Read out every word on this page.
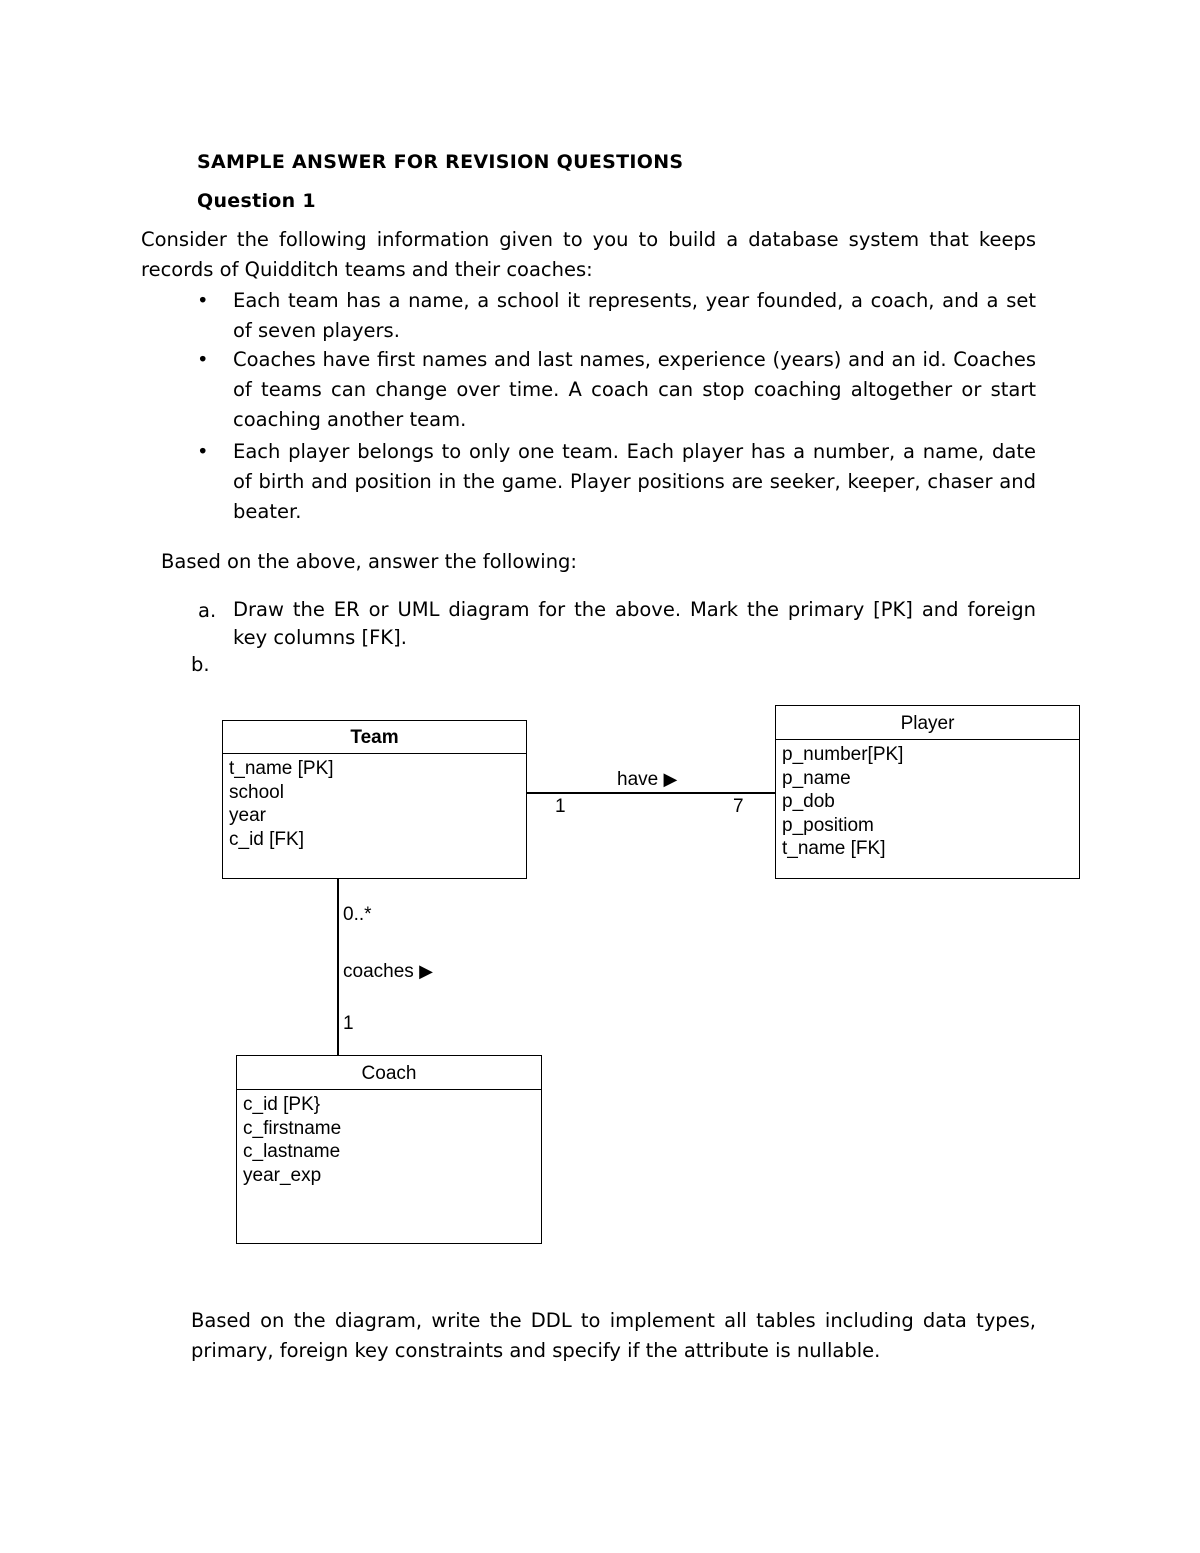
SAMPLE ANSWER FOR REVISION QUESTIONS
Question 1
Consider the following information given to you to build a database system that keeps records of Quidditch teams and their coaches:
• Each team has a name, a school it represents, year founded, a coach, and a set of seven players.
• Coaches have first names and last names, experience (years) and an id. Coaches of teams can change over time. A coach can stop coaching altogether or start coaching another team.
• Each player belongs to only one team. Each player has a number, a name, date of birth and position in the game. Player positions are seeker, keeper, chaser and beater.
Based on the above, answer the following:
a. Draw the ER or UML diagram for the above. Mark the primary [PK] and foreign key columns [FK].
b.
Team
t_name [PK]
school
year
c_id [FK]
Player
p_number[PK]
p_name
p_dob
p_positiom
t_name [FK]
Coach
c_id [PK}
c_firstname
c_lastname
year_exp
have ▶
1	7
0..*
coaches ▶
1
Based on the diagram, write the DDL to implement all tables including data types, primary, foreign key constraints and specify if the attribute is nullable.
